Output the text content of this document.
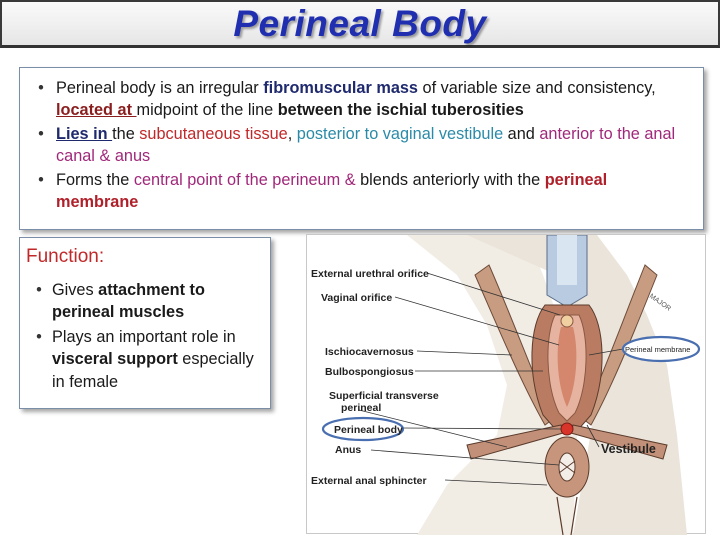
Perineal Body
• Perineal body is an irregular fibromuscular mass of variable size and consistency, located at midpoint of the line between the ischial tuberosities
• Lies in the subcutaneous tissue, posterior to vaginal vestibule and anterior to the anal canal & anus
• Forms the central point of the perineum & blends anteriorly with the perineal membrane
Function:
• Gives attachment to perineal muscles
• Plays an important role in visceral support especially in female
External urethral orifice
Vaginal orifice
Ischiocavernosus
Bulbospongiosus
Superficial transverse
perineal
Perineal body
Anus
External anal sphincter
Vestibule
MAJOR
Perineal membrane
